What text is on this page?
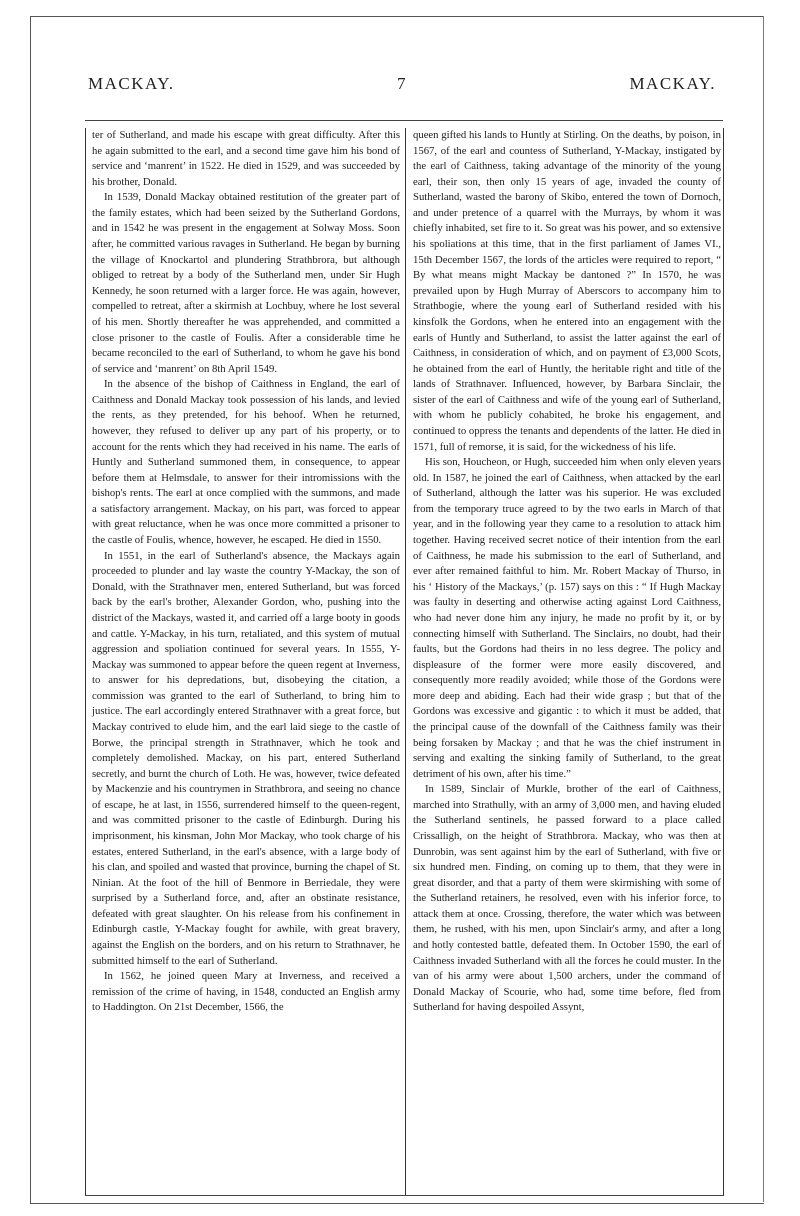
MACKAY.	7	MACKAY.

ter of Sutherland, and made his escape with great difficulty. After this he again submitted to the earl, and a second time gave him his bond of service and ‘manrent’ in 1522. He died in 1529, and was succeeded by his brother, Donald.

In 1539, Donald Mackay obtained restitution of the greater part of the family estates, which had been seized by the Sutherland Gordons, and in 1542 he was present in the engagement at Solway Moss. Soon after, he committed various ravages in Sutherland. He began by burning the village of Knockartol and plundering Strathbrora, but although obliged to retreat by a body of the Sutherland men, under Sir Hugh Kennedy, he soon returned with a larger force. He was again, however, compelled to retreat, after a skirmish at Lochbuy, where he lost several of his men. Shortly thereafter he was apprehended, and committed a close prisoner to the castle of Foulis. After a considerable time he became reconciled to the earl of Sutherland, to whom he gave his bond of service and ‘manrent’ on 8th April 1549.

In the absence of the bishop of Caithness in England, the earl of Caithness and Donald Mackay took possession of his lands, and levied the rents, as they pretended, for his behoof. When he returned, however, they refused to deliver up any part of his property, or to account for the rents which they had received in his name. The earls of Huntly and Sutherland summoned them, in consequence, to appear before them at Helmsdale, to answer for their intromissions with the bishop's rents. The earl at once complied with the summons, and made a satisfactory arrangement. Mackay, on his part, was forced to appear with great reluctance, when he was once more committed a prisoner to the castle of Foulis, whence, however, he escaped. He died in 1550.

In 1551, in the earl of Sutherland's absence, the Mackays again proceeded to plunder and lay waste the country Y-Mackay, the son of Donald, with the Strathnaver men, entered Sutherland, but was forced back by the earl's brother, Alexander Gordon, who, pushing into the district of the Mackays, wasted it, and carried off a large booty in goods and cattle. Y-Mackay, in his turn, retaliated, and this system of mutual aggression and spoliation continued for several years. In 1555, Y-Mackay was summoned to appear before the queen regent at Inverness, to answer for his depredations, but, disobeying the citation, a commission was granted to the earl of Sutherland, to bring him to justice. The earl accordingly entered Strathnaver with a great force, but Mackay contrived to elude him, and the earl laid siege to the castle of Borwe, the principal strength in Strathnaver, which he took and completely demolished. Mackay, on his part, entered Sutherland secretly, and burnt the church of Loth. He was, however, twice defeated by Mackenzie and his countrymen in Strathbrora, and seeing no chance of escape, he at last, in 1556, surrendered himself to the queen-regent, and was committed prisoner to the castle of Edinburgh. During his imprisonment, his kinsman, John Mor Mackay, who took charge of his estates, entered Sutherland, in the earl's absence, with a large body of his clan, and spoiled and wasted that province, burning the chapel of St. Ninian. At the foot of the hill of Benmore in Berriedale, they were surprised by a Sutherland force, and, after an obstinate resistance, defeated with great slaughter. On his release from his confinement in Edinburgh castle, Y-Mackay fought for awhile, with great bravery, against the English on the borders, and on his return to Strathnaver, he submitted himself to the earl of Sutherland.

In 1562, he joined queen Mary at Inverness, and received a remission of the crime of having, in 1548, conducted an English army to Haddington. On 21st December, 1566, the

queen gifted his lands to Huntly at Stirling. On the deaths, by poison, in 1567, of the earl and countess of Sutherland, Y-Mackay, instigated by the earl of Caithness, taking advantage of the minority of the young earl, their son, then only 15 years of age, invaded the county of Sutherland, wasted the barony of Skibo, entered the town of Dornoch, and under pretence of a quarrel with the Murrays, by whom it was chiefly inhabited, set fire to it. So great was his power, and so extensive his spoliations at this time, that in the first parliament of James VI., 15th December 1567, the lords of the articles were required to report, “ By what means might Mackay be dantoned ?” In 1570, he was prevailed upon by Hugh Murray of Aberscors to accompany him to Strathbogie, where the young earl of Sutherland resided with his kinsfolk the Gordons, when he entered into an engagement with the earls of Huntly and Sutherland, to assist the latter against the earl of Caithness, in consideration of which, and on payment of £3,000 Scots, he obtained from the earl of Huntly, the heritable right and title of the lands of Strathnaver. Influenced, however, by Barbara Sinclair, the sister of the earl of Caithness and wife of the young earl of Sutherland, with whom he publicly cohabited, he broke his engagement, and continued to oppress the tenants and dependents of the latter. He died in 1571, full of remorse, it is said, for the wickedness of his life.

His son, Houcheon, or Hugh, succeeded him when only eleven years old. In 1587, he joined the earl of Caithness, when attacked by the earl of Sutherland, although the latter was his superior. He was excluded from the temporary truce agreed to by the two earls in March of that year, and in the following year they came to a resolution to attack him together. Having received secret notice of their intention from the earl of Caithness, he made his submission to the earl of Sutherland, and ever after remained faithful to him. Mr. Robert Mackay of Thurso, in his ‘ History of the Mackays,’ (p. 157) says on this : “ If Hugh Mackay was faulty in deserting and otherwise acting against Lord Caithness, who had never done him any injury, he made no profit by it, or by connecting himself with Sutherland. The Sinclairs, no doubt, had their faults, but the Gordons had theirs in no less degree. The policy and displeasure of the former were more easily discovered, and consequently more readily avoided; while those of the Gordons were more deep and abiding. Each had their wide grasp ; but that of the Gordons was excessive and gigantic : to which it must be added, that the principal cause of the downfall of the Caithness family was their being forsaken by Mackay ; and that he was the chief instrument in serving and exalting the sinking family of Sutherland, to the great detriment of his own, after his time.”

In 1589, Sinclair of Murkle, brother of the earl of Caithness, marched into Strathully, with an army of 3,000 men, and having eluded the Sutherland sentinels, he passed forward to a place called Crissalligh, on the height of Strathbrora. Mackay, who was then at Dunrobin, was sent against him by the earl of Sutherland, with five or six hundred men. Finding, on coming up to them, that they were in great disorder, and that a party of them were skirmishing with some of the Sutherland retainers, he resolved, even with his inferior force, to attack them at once. Crossing, therefore, the water which was between them, he rushed, with his men, upon Sinclair's army, and after a long and hotly contested battle, defeated them. In October 1590, the earl of Caithness invaded Sutherland with all the forces he could muster. In the van of his army were about 1,500 archers, under the command of Donald Mackay of Scourie, who had, some time before, fled from Sutherland for having despoiled Assynt,
